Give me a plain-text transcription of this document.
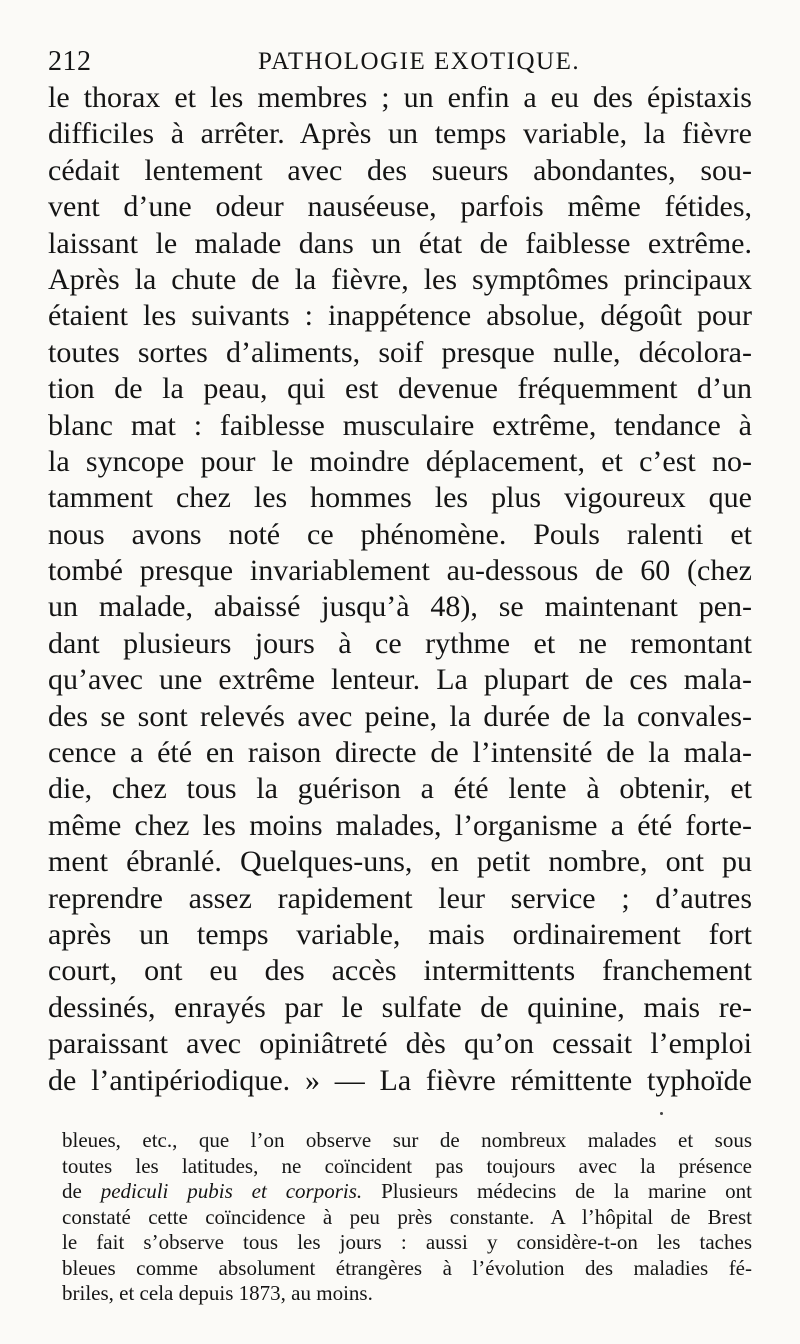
212	PATHOLOGIE EXOTIQUE.
le thorax et les membres ; un enfin a eu des épistaxis
difficiles à arrêter. Après un temps variable, la fièvre
cédait lentement avec des sueurs abondantes, sou-
vent d’une odeur nauséeuse, parfois même fétides,
laissant le malade dans un état de faiblesse extrême.
Après la chute de la fièvre, les symptômes principaux
étaient les suivants : inappétence absolue, dégoût pour
toutes sortes d’aliments, soif presque nulle, décolora-
tion de la peau, qui est devenue fréquemment d’un
blanc mat : faiblesse musculaire extrême, tendance à
la syncope pour le moindre déplacement, et c’est no-
tamment chez les hommes les plus vigoureux que
nous avons noté ce phénomène. Pouls ralenti et
tombé presque invariablement au-dessous de 60 (chez
un malade, abaissé jusqu’à 48), se maintenant pen-
dant plusieurs jours à ce rythme et ne remontant
qu’avec une extrême lenteur. La plupart de ces mala-
des se sont relevés avec peine, la durée de la convales-
cence a été en raison directe de l’intensité de la mala-
die, chez tous la guérison a été lente à obtenir, et
même chez les moins malades, l’organisme a été forte-
ment ébranlé. Quelques-uns, en petit nombre, ont pu
reprendre assez rapidement leur service ; d’autres
après un temps variable, mais ordinairement fort
court, ont eu des accès intermittents franchement
dessinés, enrayés par le sulfate de quinine, mais re-
paraissant avec opiniâtreté dès qu’on cessait l’emploi
de l’antipériodique. » — La fièvre rémittente typhoïde
bleues, etc., que l’on observe sur de nombreux malades et sous
toutes les latitudes, ne coïncident pas toujours avec la présence
de pediculi pubis et corporis. Plusieurs médecins de la marine ont
constaté cette coïncidence à peu près constante. A l’hôpital de Brest
le fait s’observe tous les jours : aussi y considère-t-on les taches
bleues comme absolument étrangères à l’évolution des maladies fé-
briles, et cela depuis 1873, au moins.
